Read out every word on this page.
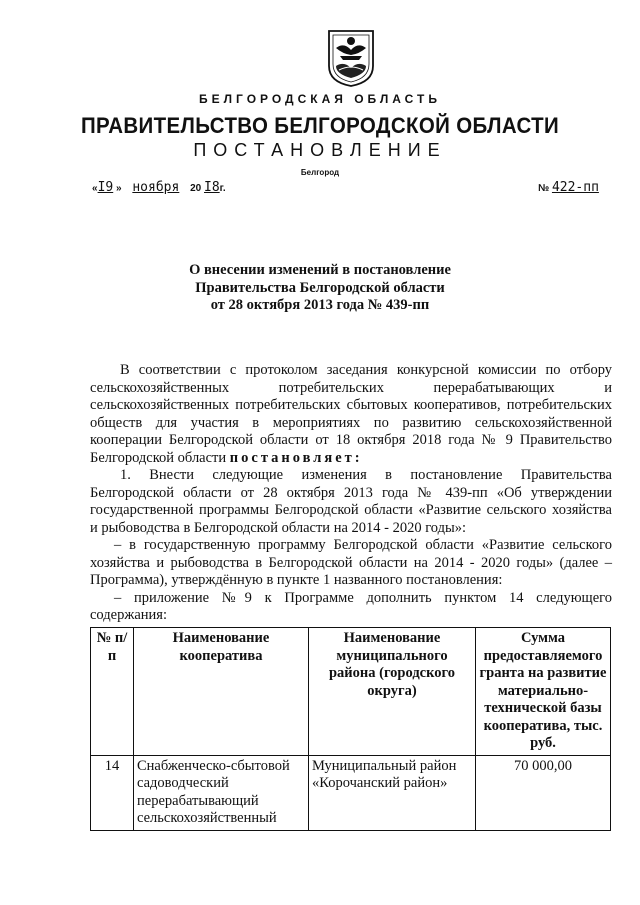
БЕЛГОРОДСКАЯ ОБЛАСТЬ
ПРАВИТЕЛЬСТВО БЕЛГОРОДСКОЙ ОБЛАСТИ
ПОСТАНОВЛЕНИЕ
Белгород
«I9 » ноября 20 I8г.	№ 422-пп
О внесении изменений в постановление
Правительства Белгородской области
от 28 октября 2013 года № 439-пп

В соответствии с протоколом заседания конкурсной комиссии по отбору

сельскохозяйственных потребительских перерабатывающих и

сельскохозяйственных потребительских сбытовых кооперативов, потребительских

обществ для участия в мероприятиях по развитию сельскохозяйственной

кооперации Белгородской области от 18 октября 2018 года № 9 Правительство

Белгородской области постановляет:

1. Внести следующие изменения в постановление Правительства

Белгородской области от 28 октября 2013 года № 439-пп «Об утверждении

государственной программы Белгородской области «Развитие сельского хозяйства

и рыбоводства в Белгородской области на 2014 - 2020 годы»:

– в государственную программу Белгородской области «Развитие сельского

хозяйства и рыбоводства в Белгородской области на 2014 - 2020 годы» (далее –

Программа), утверждённую в пункте 1 названного постановления:

– приложение №9 к Программе дополнить пунктом 14 следующего

содержания:

№ п/п	Наименование кооператива	Наименование муниципального района (городского округа)	Сумма предоставляемого гранта на развитие материально-технической базы кооператива, тыс. руб.
14	Снабженческо-сбытовой садоводческий перерабатывающий сельскохозяйственный	Муниципальный район «Корочанский район»	70 000,00
